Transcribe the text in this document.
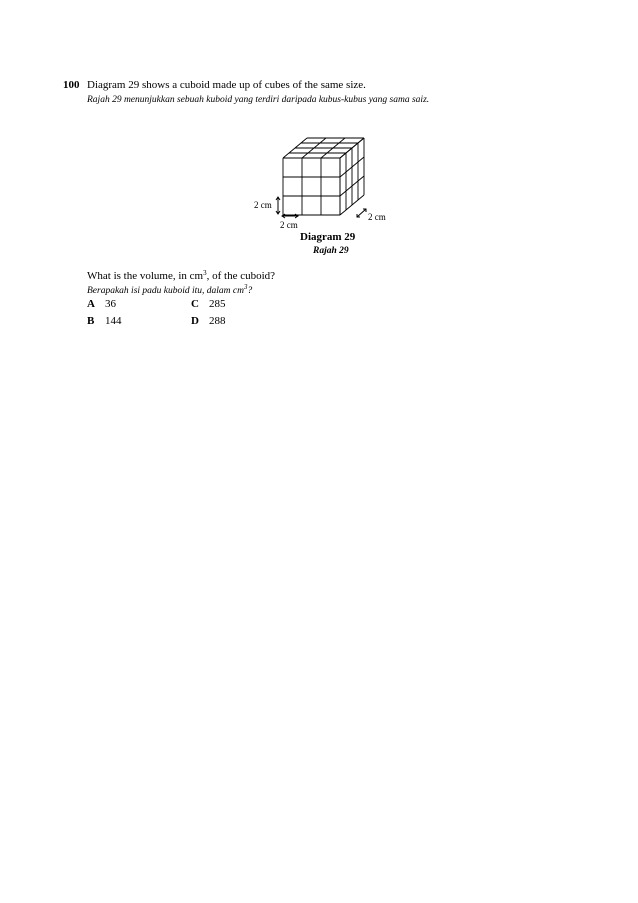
100 Diagram 29 shows a cuboid made up of cubes of the same size.
Rajah 29 menunjukkan sebuah kuboid yang terdiri daripada kubus-kubus yang sama saiz.
2 cm
2 cm
2 cm
Diagram 29
Rajah 29
What is the volume, in $cm^3$, of the cuboid?
Berapakah isi padu kuboid itu, dalam $cm^3$?
A 36
B 144
C 285
D 288
